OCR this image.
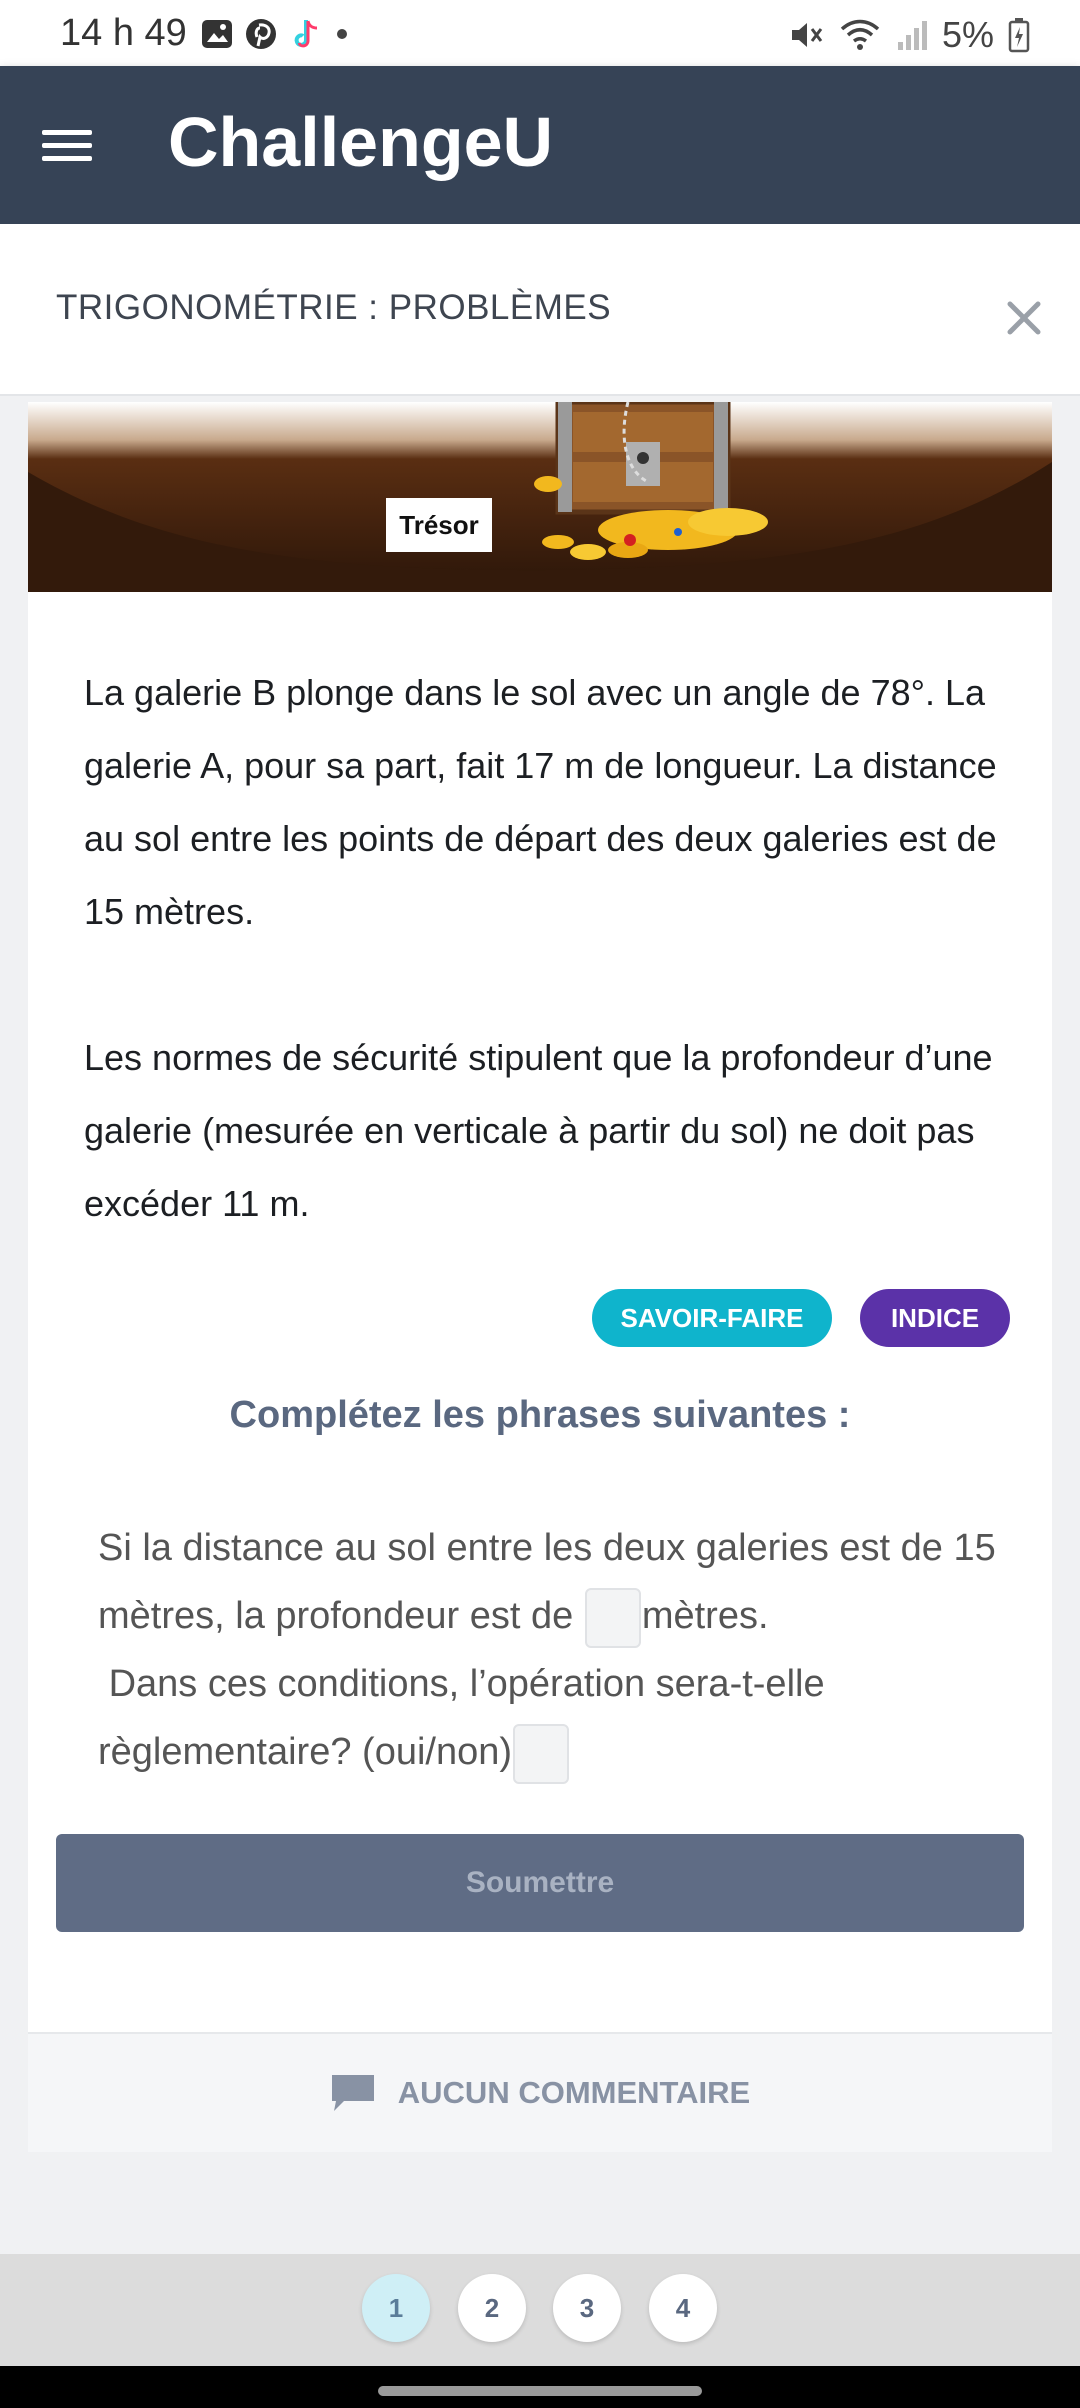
14 h 49	5%
ChallengeU
TRIGONOMÉTRIE : PROBLÈMES
Trésor

La galerie B plonge dans le sol avec un angle de 78°. La galerie A, pour sa part, fait 17 m de longueur. La distance au sol entre les points de départ des deux galeries est de 15 mètres.

Les normes de sécurité stipulent que la profondeur d’une galerie (mesurée en verticale à partir du sol) ne doit pas excéder 11 m.

SAVOIR-FAIRE	INDICE
Complétez les phrases suivantes :
Si la distance au sol entre les deux galeries est de 15 mètres, la profondeur est de mètres.
Dans ces conditions, l’opération sera-t-elle règlementaire? (oui/non)
Soumettre
AUCUN COMMENTAIRE
1	2	3	4
